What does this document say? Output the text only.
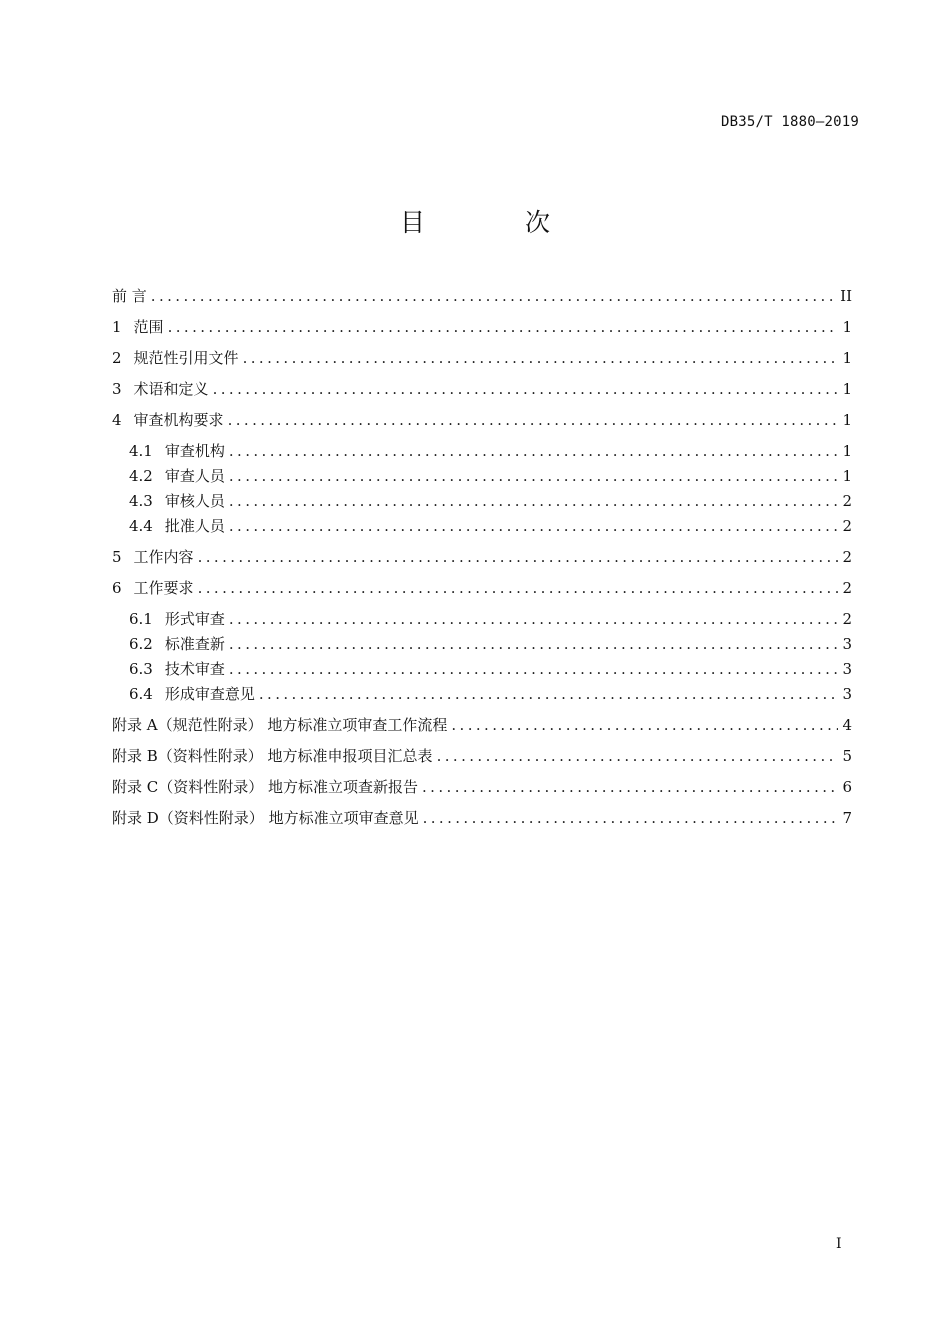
DB35/T 1880—2019
目 次
前 言 .....	II
1 范围 .....	1
2 规范性引用文件 .....	1
3 术语和定义 .....	1
4 审查机构要求 .....	1
4.1 审查机构 .....	1
4.2 审查人员 .....	1
4.3 审核人员 .....	2
4.4 批准人员 .....	2
5 工作内容 .....	2
6 工作要求 .....	2
6.1 形式审查 .....	2
6.2 标准查新 .....	3
6.3 技术审查 .....	3
6.4 形成审查意见 .....	3
附录 A（规范性附录） 地方标准立项审查工作流程 .....	4
附录 B（资料性附录） 地方标准申报项目汇总表 .....	5
附录 C（资料性附录） 地方标准立项查新报告 .....	6
附录 D（资料性附录） 地方标准立项审查意见 .....	7
I
